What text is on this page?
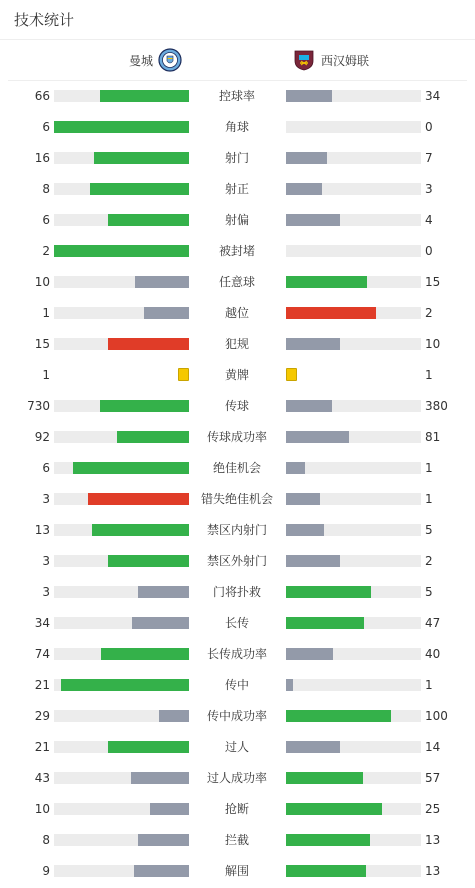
技术统计
曼城	西汉姆联
66	控球率	34
6	角球	0
16	射门	7
8	射正	3
6	射偏	4
2	被封堵	0
10	任意球	15
1	越位	2
15	犯规	10
1	黄牌	1
730	传球	380
92	传球成功率	81
6	绝佳机会	1
3	错失绝佳机会	1
13	禁区内射门	5
3	禁区外射门	2
3	门将扑救	5
34	长传	47
74	长传成功率	40
21	传中	1
29	传中成功率	100
21	过人	14
43	过人成功率	57
10	抢断	25
8	拦截	13
9	解围	13
